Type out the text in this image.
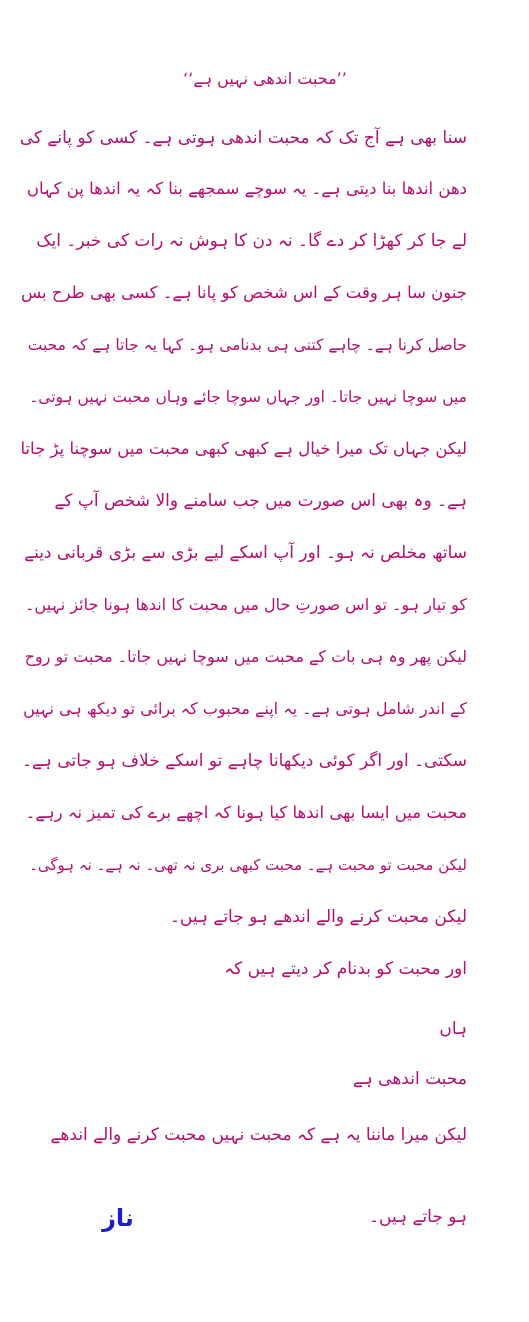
’’محبت اندھی نہیں ہے‘‘
سنا بھی ہے آج تک کہ محبت اندھی ہوتی ہے۔ کسی کو پانے کی
دھن اندھا بنا دیتی ہے۔ یہ سوچے سمجھے بنا کہ یہ اندھا پن کہاں
لے جا کر کھڑا کر دے گا۔ نہ دن کا ہوش نہ رات کی خبر۔ ایک
جنون سا ہر وقت کے اس شخص کو پانا ہے۔ کسی بھی طرح بس
حاصل کرنا ہے۔ چاہے کتنی ہی بدنامی ہو۔ کہا یہ جاتا ہے کہ محبت
میں سوچا نہیں جاتا۔ اور جہاں سوچا جائے وہاں محبت نہیں ہوتی۔
لیکن جہاں تک میرا خیال ہے کبھی کبھی محبت میں سوچنا پڑ جاتا
ہے۔ وہ بھی اس صورت میں جب سامنے والا شخص آپ کے
ساتھ مخلص نہ ہو۔ اور آپ اسکے لیے بڑی سے بڑی قربانی دینے
کو تیار ہو۔ تو اس صورتِ حال میں محبت کا اندھا ہونا جائز نہیں۔
لیکن پھر وہ ہی بات کے محبت میں سوچا نہیں جاتا۔ محبت تو روح
کے اندر شامل ہوتی ہے۔ یہ اپنے محبوب کہ برائی تو دیکھ ہی نہیں
سکتی۔ اور اگر کوئی دیکھانا چاہے تو اسکے خلاف ہو جاتی ہے۔
محبت میں ایسا بھی اندھا کیا ہونا کہ اچھے برے کی تمیز نہ رہے۔
لیکن محبت تو محبت ہے۔ محبت کبھی بری نہ تھی۔ نہ ہے۔ نہ ہوگی۔
لیکن محبت کرنے والے اندھے ہو جاتے ہیں۔
اور محبت کو بدنام کر دیتے ہیں کہ
ہاں
محبت اندھی ہے
لیکن میرا ماننا یہ ہے کہ محبت نہیں محبت کرنے والے اندھے
ہو جاتے ہیں۔
ناز
